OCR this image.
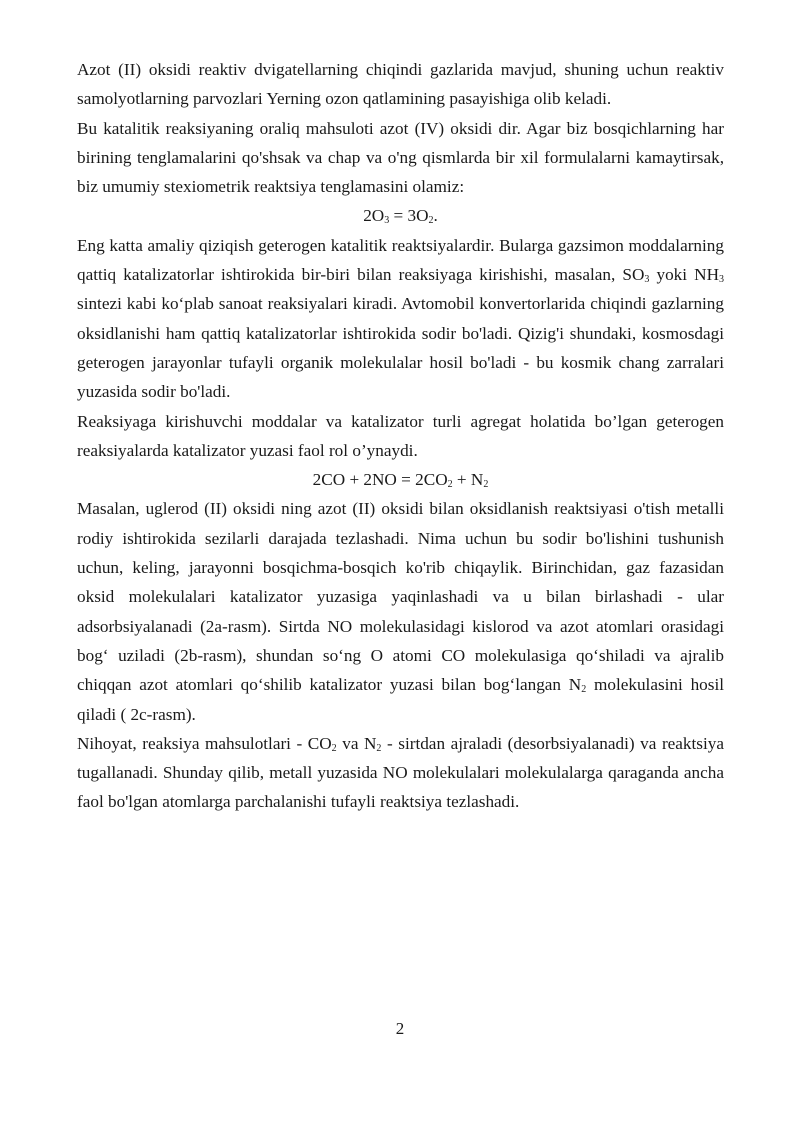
Azot (II) oksidi reaktiv dvigatellarning chiqindi gazlarida mavjud, shuning uchun reaktiv samolyotlarning parvozlari Yerning ozon qatlamining pasayishiga olib keladi.

Bu katalitik reaksiyaning oraliq mahsuloti azot (IV) oksidi dir. Agar biz bosqichlarning har birining tenglamalarini qo'shsak va chap va o'ng qismlarda bir xil formulalarni kamaytirsak, biz umumiy stexiometrik reaktsiya tenglamasini olamiz:

$2O_3 = 3O_2$.

Eng katta amaliy qiziqish geterogen katalitik reaktsiyalardir. Bularga gazsimon moddalarning qattiq katalizatorlar ishtirokida bir-biri bilan reaksiyaga kirishishi, masalan, $SO_3$ yoki $NH_3$ sintezi kabi ko‘plab sanoat reaksiyalari kiradi. Avtomobil konvertorlarida chiqindi gazlarning oksidlanishi ham qattiq katalizatorlar ishtirokida sodir bo'ladi. Qizig'i shundaki, kosmosdagi geterogen jarayonlar tufayli organik molekulalar hosil bo'ladi - bu kosmik chang zarralari yuzasida sodir bo'ladi.

Reaksiyaga kirishuvchi moddalar va katalizator turli agregat holatida bo’lgan geterogen reaksiyalarda katalizator yuzasi faol rol o’ynaydi.

$2CO + 2NO = 2CO_2 + N_2$

Masalan, uglerod (II) oksidi ning azot (II) oksidi bilan oksidlanish reaktsiyasi o'tish metalli rodiy ishtirokida sezilarli darajada tezlashadi. Nima uchun bu sodir bo'lishini tushunish uchun, keling, jarayonni bosqichma-bosqich ko'rib chiqaylik. Birinchidan, gaz fazasidan oksid molekulalari katalizator yuzasiga yaqinlashadi va u bilan birlashadi - ular adsorbsiyalanadi (2a-rasm). Sirtda NO molekulasidagi kislorod va azot atomlari orasidagi bog‘ uziladi (2b-rasm), shundan so‘ng O atomi CO molekulasiga qo‘shiladi va ajralib chiqqan azot atomlari qo‘shilib katalizator yuzasi bilan bog‘langan $N_2$ molekulasini hosil qiladi ( 2c-rasm).

Nihoyat, reaksiya mahsulotlari - $CO_2$ va $N_2$ - sirtdan ajraladi (desorbsiyalanadi) va reaktsiya tugallanadi. Shunday qilib, metall yuzasida NO molekulalari molekulalarga qaraganda ancha faol bo'lgan atomlarga parchalanishi tufayli reaktsiya tezlashadi.

2
